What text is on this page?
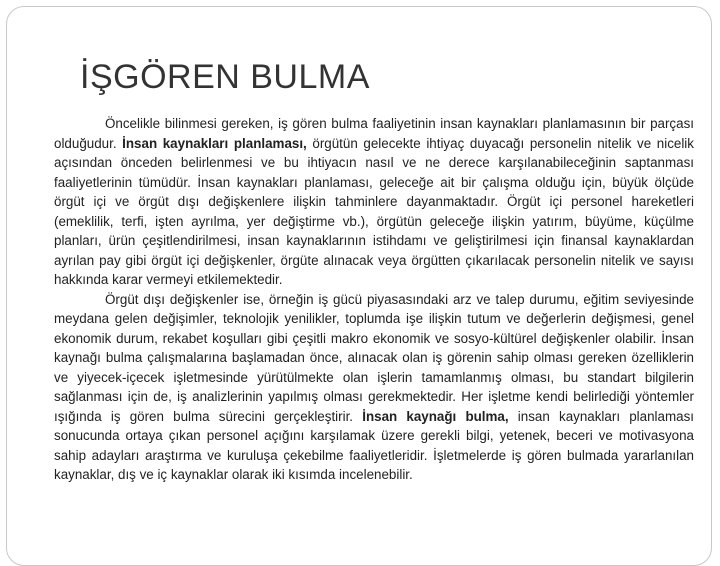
İŞGÖREN BULMA

Öncelikle bilinmesi gereken, iş gören bulma faaliyetinin insan kaynakları planlamasının bir parçası olduğudur. İnsan kaynakları planlaması, örgütün gelecekte ihtiyaç duyacağı personelin nitelik ve nicelik açısından önceden belirlenmesi ve bu ihtiyacın nasıl ve ne derece karşılanabileceğinin saptanması faaliyetlerinin tümüdür. İnsan kaynakları planlaması, geleceğe ait bir çalışma olduğu için, büyük ölçüde örgüt içi ve örgüt dışı değişkenlere ilişkin tahminlere dayanmaktadır. Örgüt içi personel hareketleri (emeklilik, terfi, işten ayrılma, yer değiştirme vb.), örgütün geleceğe ilişkin yatırım, büyüme, küçülme planları, ürün çeşitlendirilmesi, insan kaynaklarının istihdamı ve geliştirilmesi için finansal kaynaklardan ayrılan pay gibi örgüt içi değişkenler, örgüte alınacak veya örgütten çıkarılacak personelin nitelik ve sayısı hakkında karar vermeyi etkilemektedir.

Örgüt dışı değişkenler ise, örneğin iş gücü piyasasındaki arz ve talep durumu, eğitim seviyesinde meydana gelen değişimler, teknolojik yenilikler, toplumda işe ilişkin tutum ve değerlerin değişmesi, genel ekonomik durum, rekabet koşulları gibi çeşitli makro ekonomik ve sosyo-kültürel değişkenler olabilir. İnsan kaynağı bulma çalışmalarına başlamadan önce, alınacak olan iş görenin sahip olması gereken özelliklerin ve yiyecek-içecek işletmesinde yürütülmekte olan işlerin tamamlanmış olması, bu standart bilgilerin sağlanması için de, iş analizlerinin yapılmış olması gerekmektedir. Her işletme kendi belirlediği yöntemler ışığında iş gören bulma sürecini gerçekleştirir. İnsan kaynağı bulma, insan kaynakları planlaması sonucunda ortaya çıkan personel açığını karşılamak üzere gerekli bilgi, yetenek, beceri ve motivasyona sahip adayları araştırma ve kuruluşa çekebilme faaliyetleridir. İşletmelerde iş gören bulmada yararlanılan kaynaklar, dış ve iç kaynaklar olarak iki kısımda incelenebilir.
